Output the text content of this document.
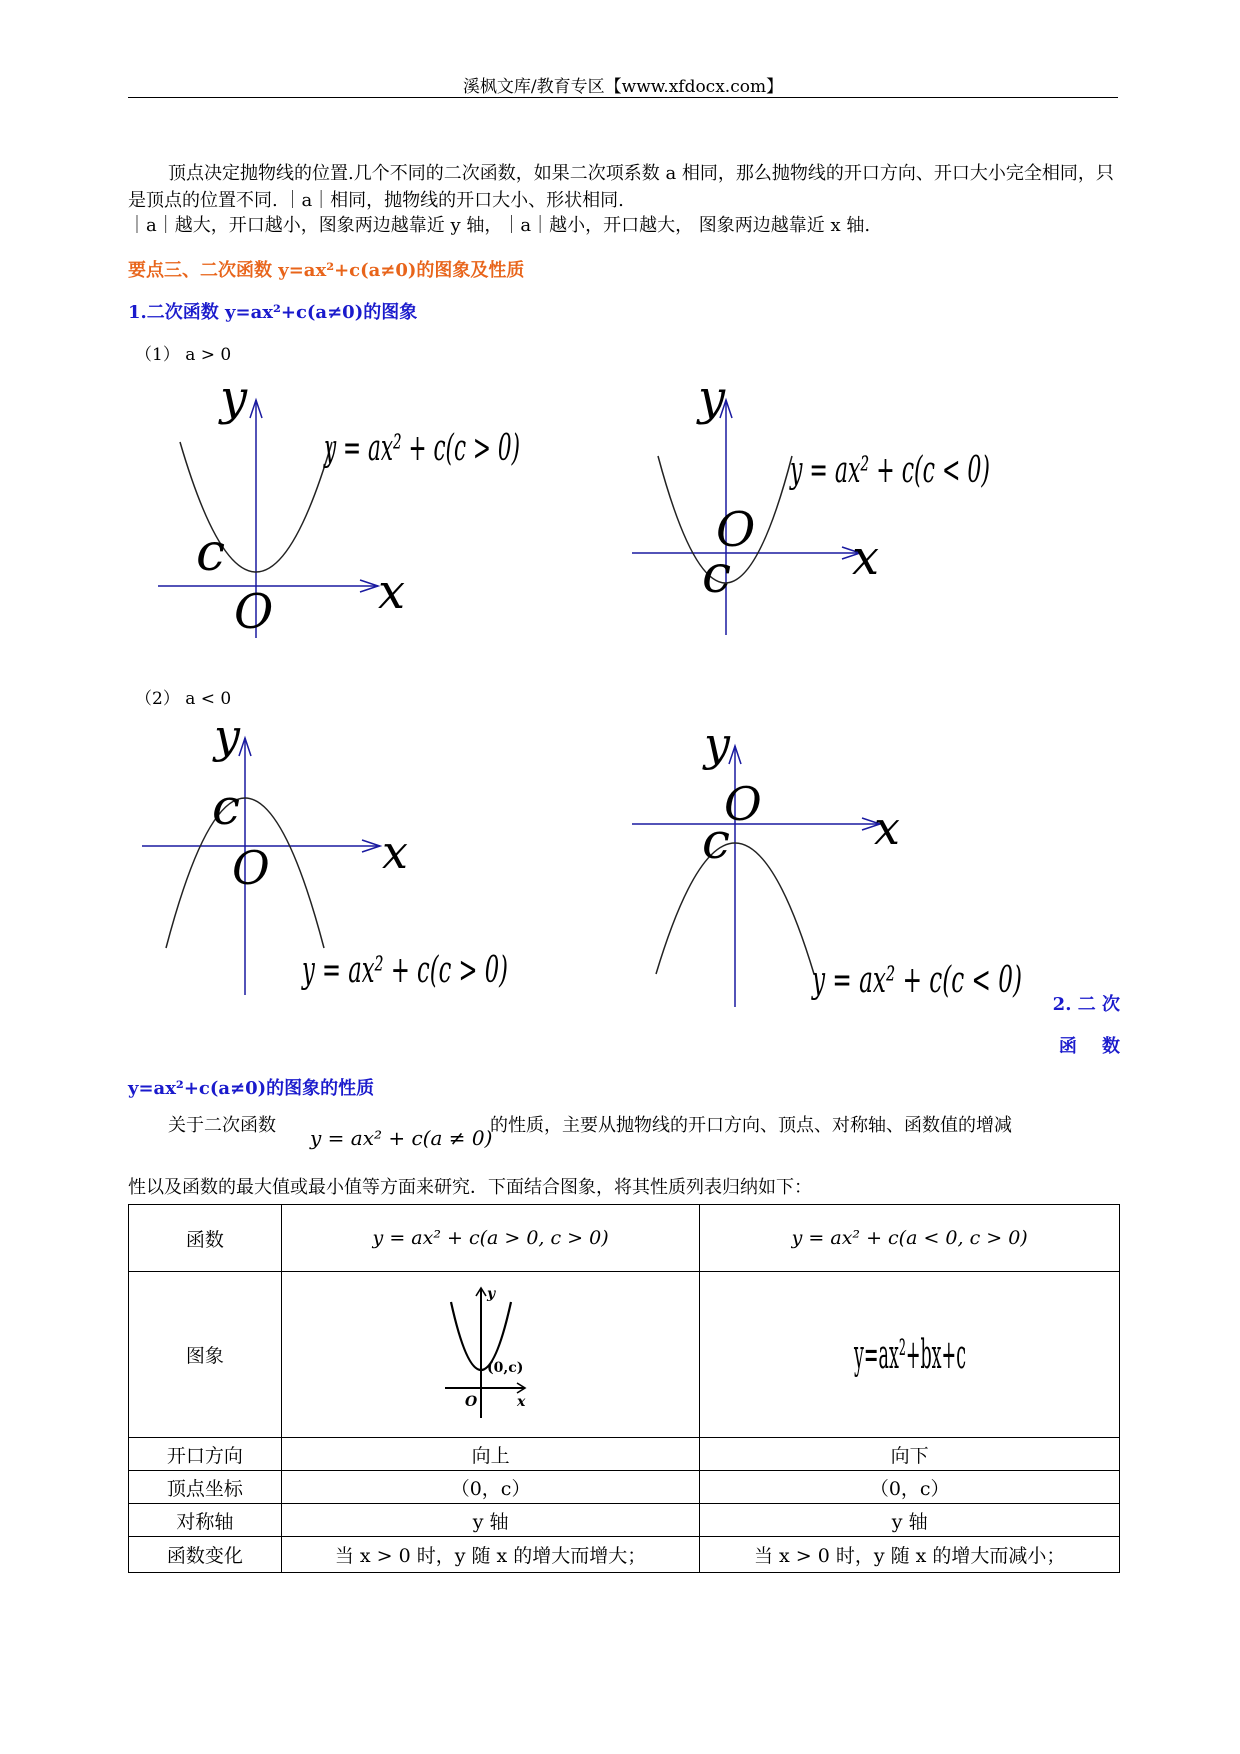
溪枫文库/教育专区【www.xfdocx.com】
顶点决定抛物线的位置.几个不同的二次函数，如果二次项系数 a 相同，那么抛物线的开口方向、开口大小完全相同，只是顶点的位置不同. ｜a｜相同，抛物线的开口大小、形状相同.
｜a｜越大，开口越小，图象两边越靠近 y 轴，｜a｜越小，开口越大， 图象两边越靠近 x 轴.
要点三、二次函数 y=ax²+c(a≠0)的图象及性质
1.二次函数 y=ax²+c(a≠0)的图象
（1） a > 0
y
x
O
c
y = ax² + c(c > 0)
y
x
O
c
y = ax² + c(c < 0)
（2） a < 0
y
x
O
c
y = ax² + c(c > 0)
y
x
O
c
y = ax² + c(c < 0)
2. 二 次
函    数
y=ax²+c(a≠0)的图象的性质
关于二次函数
y = ax² + c(a ≠ 0)
的性质，主要从抛物线的开口方向、顶点、对称轴、函数值的增减
性以及函数的最大值或最小值等方面来研究．下面结合图象，将其性质列表归纳如下：
函数	y = ax² + c(a > 0, c > 0)	y = ax² + c(a < 0, c > 0)
图象	y
x
O
(0,c)	y=ax²+bx+c

开口方向	向上	向下
顶点坐标	（0，c）	（0，c）
对称轴	y 轴	y 轴
函数变化	当 x > 0 时，y 随 x 的增大而增大；	当 x > 0 时，y 随 x 的增大而减小；
